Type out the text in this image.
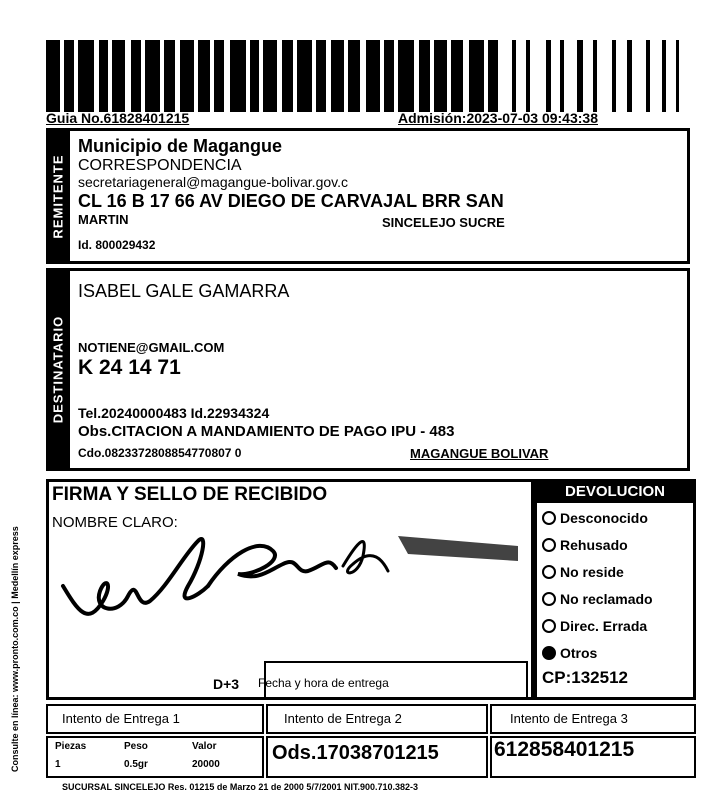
Guia No.61828401215	Admisión:2023-07-03 09:43:38
REMITENTE
Municipio de Magangue
CORRESPONDENCIA
secretariageneral@magangue-bolivar.gov.c
CL 16 B 17 66 AV DIEGO DE CARVAJAL BRR SAN
MARTIN	SINCELEJO SUCRE
Id. 800029432
DESTINATARIO
ISABEL GALE GAMARRA
NOTIENE@GMAIL.COM
K 24 14 71
Tel.20240000483 Id.22934324
Obs.CITACION A MANDAMIENTO DE PAGO IPU - 483
Cdo.0823372808854770807 0	MAGANGUE BOLIVAR
FIRMA Y SELLO DE RECIBIDO
NOMBRE CLARO:
D+3 Fecha y hora de entrega
DEVOLUCION
Desconocido
Rehusado
No reside
No reclamado
Direc. Errada
Otros
CP:132512
Intento de Entrega 1	Intento de Entrega 2	Intento de Entrega 3
Piezas	Peso	Valor
1	0.5gr	20000
Ods.17038701215	612858401215
SUCURSAL SINCELEJO Res. 01215 de Marzo 21 de 2000 5/7/2001 NIT.900.710.382-3
Consulte en línea: www.pronto.com.co | Medellín express
